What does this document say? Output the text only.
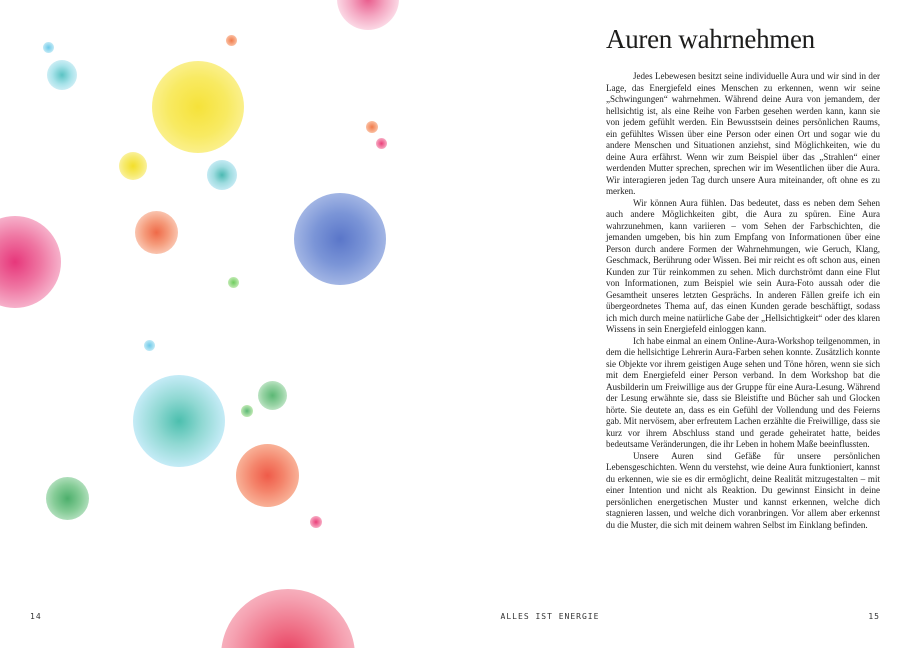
Auren wahrnehmen

Jedes Lebewesen besitzt seine individuelle Aura und wir sind in der Lage, das Energiefeld eines Menschen zu erkennen, wenn wir seine „Schwingungen“ wahrnehmen. Während deine Aura von jemandem, der hellsichtig ist, als eine Reihe von Farben gesehen werden kann, kann sie von jedem gefühlt werden. Ein Bewusstsein deines persönlichen Raums, ein gefühltes Wissen über eine Person oder einen Ort und sogar wie du andere Menschen und Situationen anziehst, sind Möglichkeiten, wie du deine Aura erfährst. Wenn wir zum Beispiel über das „Strahlen“ einer werdenden Mutter sprechen, sprechen wir im Wesentlichen über die Aura. Wir interagieren jeden Tag durch unsere Aura miteinander, oft ohne es zu merken.

Wir können Aura fühlen. Das bedeutet, dass es neben dem Sehen auch andere Möglichkeiten gibt, die Aura zu spüren. Eine Aura wahrzunehmen, kann variieren – vom Sehen der Farbschichten, die jemanden umgeben, bis hin zum Empfang von Informationen über eine Person durch andere Formen der Wahrnehmungen, wie Geruch, Klang, Geschmack, Berührung oder Wissen. Bei mir reicht es oft schon aus, einen Kunden zur Tür reinkommen zu sehen. Mich durchströmt dann eine Flut von Informationen, zum Beispiel wie sein Aura-Foto aussah oder die Gesamtheit unseres letzten Gesprächs. In anderen Fällen greife ich ein übergeordnetes Thema auf, das einen Kunden gerade beschäftigt, sodass ich mich durch meine natürliche Gabe der „Hellsichtigkeit“ oder des klaren Wissens in sein Energiefeld einloggen kann.

Ich habe einmal an einem Online-Aura-Workshop teilgenommen, in dem die hellsichtige Lehrerin Aura-Farben sehen konnte. Zusätzlich konnte sie Objekte vor ihrem geistigen Auge sehen und Töne hören, wenn sie sich mit dem Energiefeld einer Person verband. In dem Workshop bat die Ausbilderin um Freiwillige aus der Gruppe für eine Aura-Lesung. Während der Lesung erwähnte sie, dass sie Bleistifte und Bücher sah und Glocken hörte. Sie deutete an, dass es ein Gefühl der Vollendung und des Feierns gab. Mit nervösem, aber erfreutem Lachen erzählte die Freiwillige, dass sie kurz vor ihrem Abschluss stand und gerade geheiratet hatte, beides bedeutsame Veränderungen, die ihr Leben in hohem Maße beeinflussten.

Unsere Auren sind Gefäße für unsere persönlichen Lebensgeschichten. Wenn du verstehst, wie deine Aura funktioniert, kannst du erkennen, wie sie es dir ermöglicht, deine Realität mitzugestalten – mit einer Intention und nicht als Reaktion. Du gewinnst Einsicht in deine persönlichen energetischen Muster und kannst erkennen, welche dich stagnieren lassen, und welche dich voranbringen. Vor allem aber erkennst du die Muster, die sich mit deinem wahren Selbst im Einklang befinden.

14	ALLES IST ENERGIE	15
